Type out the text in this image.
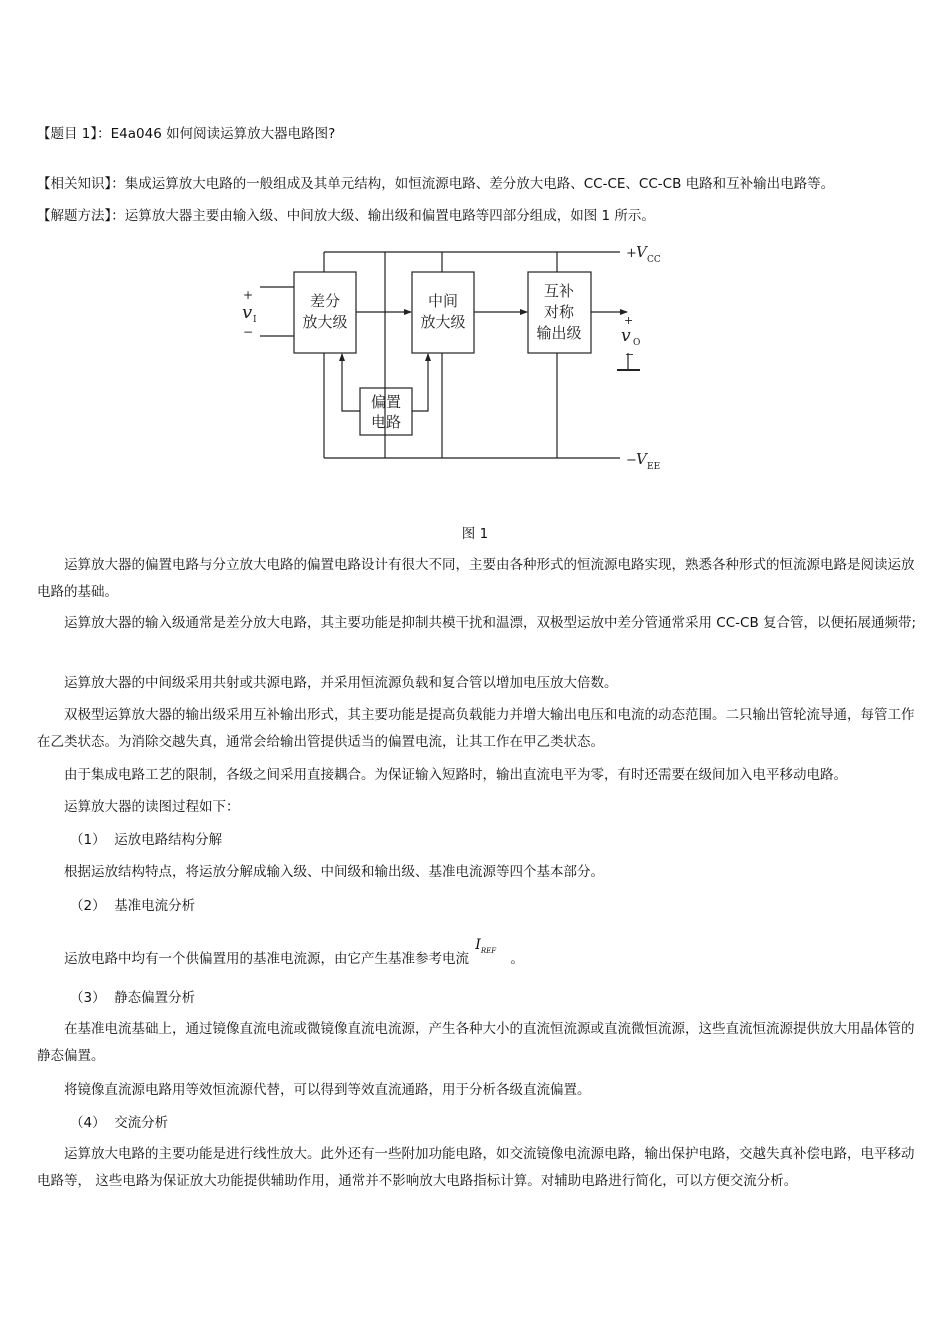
【题目 1】：E4a046 如何阅读运算放大器电路图?
【相关知识】：集成运算放大电路的一般组成及其单元结构，如恒流源电路、差分放大电路、CC-CE、CC-CB 电路和互补输出电路等。
【解题方法】：运算放大器主要由输入级、中间放大级、输出级和偏置电路等四部分组成，如图 1 所示。
差分
放大级
中间
放大级
互补
对称
输出级
偏置
电路
+ V CC
− V EE
+
v I
−
+
v O
−
图 1
运算放大器的偏置电路与分立放大电路的偏置电路设计有很大不同，主要由各种形式的恒流源电路实现，熟悉各种形式的恒流源电路是阅读运放电路的基础。
运算放大器的输入级通常是差分放大电路，其主要功能是抑制共模干扰和温漂，双极型运放中差分管通常采用 CC-CB 复合管，以便拓展通频带;
运算放大器的中间级采用共射或共源电路，并采用恒流源负载和复合管以增加电压放大倍数。
双极型运算放大器的输出级采用互补输出形式，其主要功能是提高负载能力并增大输出电压和电流的动态范围。二只输出管轮流导通，每管工作在乙类状态。为消除交越失真，通常会给输出管提供适当的偏置电流，让其工作在甲乙类状态。
由于集成电路工艺的限制，各级之间采用直接耦合。为保证输入短路时，输出直流电平为零，有时还需要在级间加入电平移动电路。
运算放大器的读图过程如下：
（1） 运放电路结构分解
根据运放结构特点，将运放分解成输入级、中间级和输出级、基准电流源等四个基本部分。
（2） 基准电流分析
运放电路中均有一个供偏置用的基准电流源，由它产生基准参考电流 $I_{REF}$ 。
（3） 静态偏置分析
在基准电流基础上，通过镜像直流电流或微镜像直流电流源，产生各种大小的直流恒流源或直流微恒流源，这些直流恒流源提供放大用晶体管的静态偏置。
将镜像直流源电路用等效恒流源代替，可以得到等效直流通路，用于分析各级直流偏置。
（4） 交流分析
运算放大电路的主要功能是进行线性放大。此外还有一些附加功能电路，如交流镜像电流源电路，输出保护电路，交越失真补偿电路，电平移动电路等， 这些电路为保证放大功能提供辅助作用，通常并不影响放大电路指标计算。对辅助电路进行简化，可以方便交流分析。
